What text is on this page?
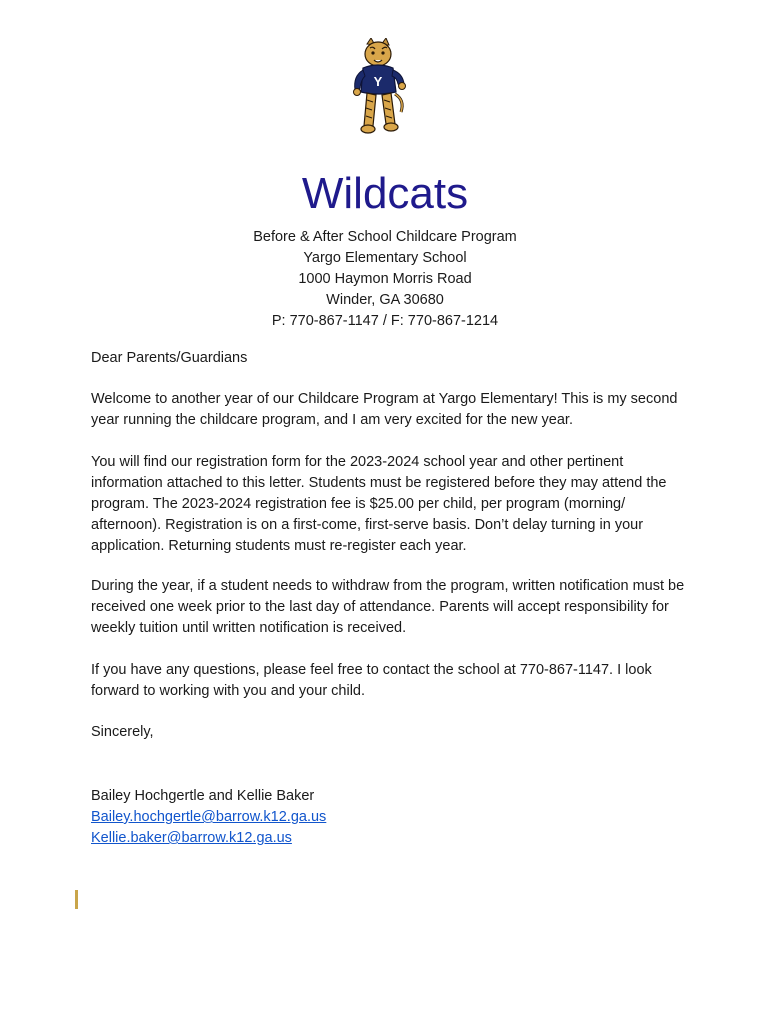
Y
Wildcats
Before & After School Childcare Program
Yargo Elementary School
1000 Haymon Morris Road
Winder, GA 30680
P: 770-867-1147 / F: 770-867-1214

Dear Parents/Guardians

Welcome to another year of our Childcare Program at Yargo Elementary! This is my second year running the childcare program, and I am very excited for the new year.

You will find our registration form for the 2023-2024 school year and other pertinent information attached to this letter. Students must be registered before they may attend the program. The 2023-2024 registration fee is $25.00 per child, per program (morning/ afternoon). Registration is on a first-come, first-serve basis. Don’t delay turning in your application. Returning students must re-register each year.

During the year, if a student needs to withdraw from the program, written notification must be received one week prior to the last day of attendance. Parents will accept responsibility for weekly tuition until written notification is received.

If you have any questions, please feel free to contact the school at 770-867-1147. I look forward to working with you and your child.

Sincerely,

Bailey Hochgertle and Kellie Baker
Bailey.hochgertle@barrow.k12.ga.us
Kellie.baker@barrow.k12.ga.us
